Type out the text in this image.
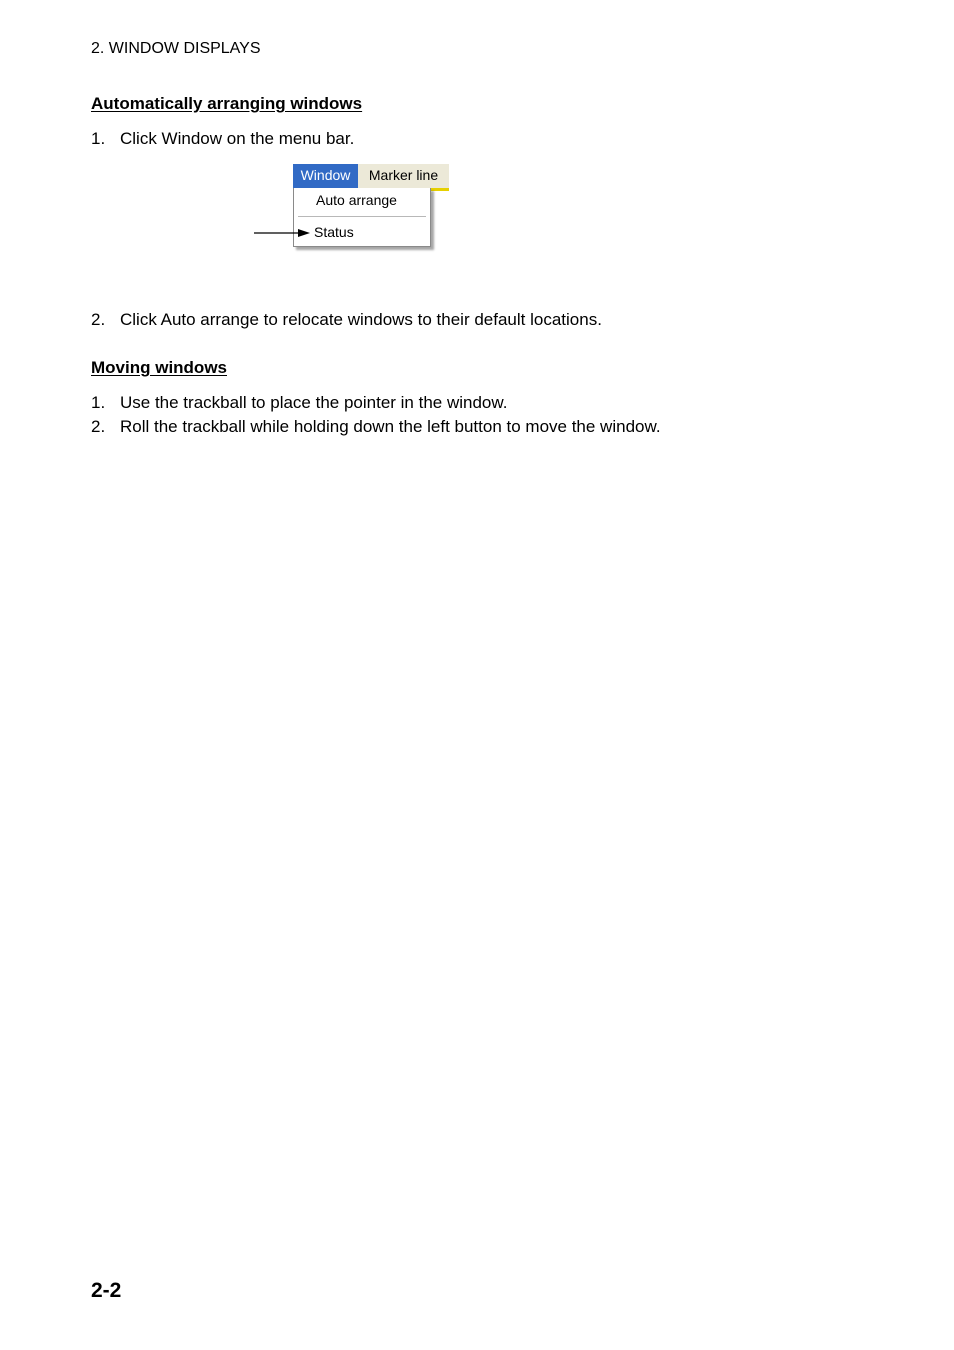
2. WINDOW DISPLAYS
Automatically arranging windows
1. Click Window on the menu bar.
Window	Marker line
Auto arrange
Status
2. Click Auto arrange to relocate windows to their default locations.
Moving windows
1. Use the trackball to place the pointer in the window.
2. Roll the trackball while holding down the left button to move the window.
2-2
